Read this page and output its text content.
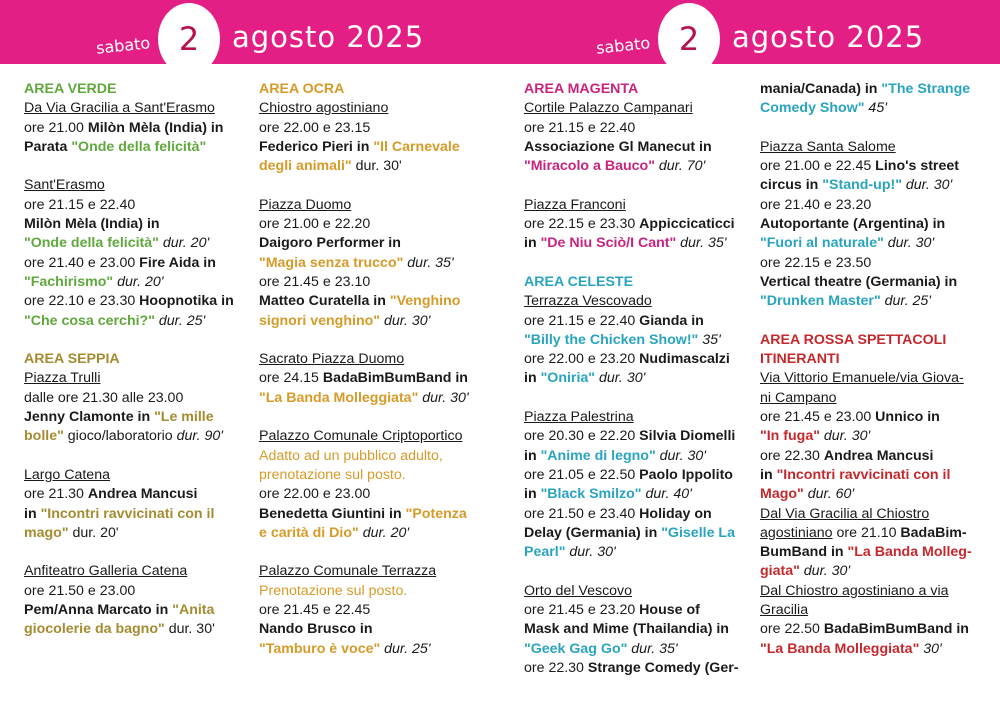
sabato 2	agosto 2025	sabato 2	agosto 2025

AREA VERDE

Da Via Gracilia a Sant'Erasmo

ore 21.00 Milòn Mèla (India) in

Parata "Onde della felicità"

Sant'Erasmo

ore 21.15 e 22.40

Milòn Mèla (India) in

"Onde della felicità" dur. 20'

ore 21.40 e 23.00 Fire Aida in

"Fachirismo" dur. 20'

ore 22.10 e 23.30 Hoopnotika in

"Che cosa cerchi?" dur. 25'

AREA SEPPIA

Piazza Trulli

dalle ore 21.30 alle 23.00

Jenny Clamonte in "Le mille

bolle" gioco/laboratorio dur. 90'

Largo Catena

ore 21.30 Andrea Mancusi

in "Incontri ravvicinati con il

mago" dur. 20'

Anfiteatro Galleria Catena

ore 21.50 e 23.00

Pem/Anna Marcato in "Anita

giocolerie da bagno" dur. 30'

AREA OCRA

Chiostro agostiniano

ore 22.00 e 23.15

Federico Pieri in "Il Carnevale

degli animali" dur. 30'

Piazza Duomo

ore 21.00 e 22.20

Daigoro Performer in

"Magia senza trucco" dur. 35'

ore 21.45 e 23.10

Matteo Curatella in "Venghino

signori venghino" dur. 30'

Sacrato Piazza Duomo

ore 24.15 BadaBimBumBand in

"La Banda Molleggiata" dur. 30'

Palazzo Comunale Criptoportico

Adatto ad un pubblico adulto,

prenotazione sul posto.

ore 22.00 e 23.00

Benedetta Giuntini in "Potenza

e carità di Dio" dur. 20'

Palazzo Comunale Terrazza

Prenotazione sul posto.

ore 21.45 e 22.45

Nando Brusco in

"Tamburo è voce" dur. 25'

AREA MAGENTA

Cortile Palazzo Campanari

ore 21.15 e 22.40

Associazione Gl Manecut in

"Miracolo a Bauco" dur. 70'

Piazza Franconi

ore 22.15 e 23.30 Appiccicaticci

in "De Niu Sciò/I Cant" dur. 35'

AREA CELESTE

Terrazza Vescovado

ore 21.15 e 22.40 Gianda in

"Billy the Chicken Show!" 35'

ore 22.00 e 23.20 Nudimascalzi

in "Oniria" dur. 30'

Piazza Palestrina

ore 20.30 e 22.20 Silvia Diomelli

in "Anime di legno" dur. 30'

ore 21.05 e 22.50 Paolo Ippolito

in "Black Smilzo" dur. 40'

ore 21.50 e 23.40 Holiday on

Delay (Germania) in "Giselle La

Pearl" dur. 30'

Orto del Vescovo

ore 21.45 e 23.20 House of

Mask and Mime (Thailandia) in

"Geek Gag Go" dur. 35'

ore 22.30 Strange Comedy (Ger-

mania/Canada) in "The Strange

Comedy Show" 45'

Piazza Santa Salome

ore 21.00 e 22.45 Lino's street

circus in "Stand-up!" dur. 30'

ore 21.40 e 23.20

Autoportante (Argentina) in

"Fuori al naturale" dur. 30'

ore 22.15 e 23.50

Vertical theatre (Germania) in

"Drunken Master" dur. 25'

AREA ROSSA SPETTACOLI

ITINERANTI

Via Vittorio Emanuele/via Giova-

ni Campano

ore 21.45 e 23.00 Unnico in

"In fuga" dur. 30'

ore 22.30 Andrea Mancusi

in "Incontri ravvicinati con il

Mago" dur. 60'

Dal Via Gracilia al Chiostro

agostiniano ore 21.10 BadaBim-

BumBand in "La Banda Molleg-

giata" dur. 30'

Dal Chiostro agostiniano a via

Gracilia

ore 22.50 BadaBimBumBand in

"La Banda Molleggiata" 30'
